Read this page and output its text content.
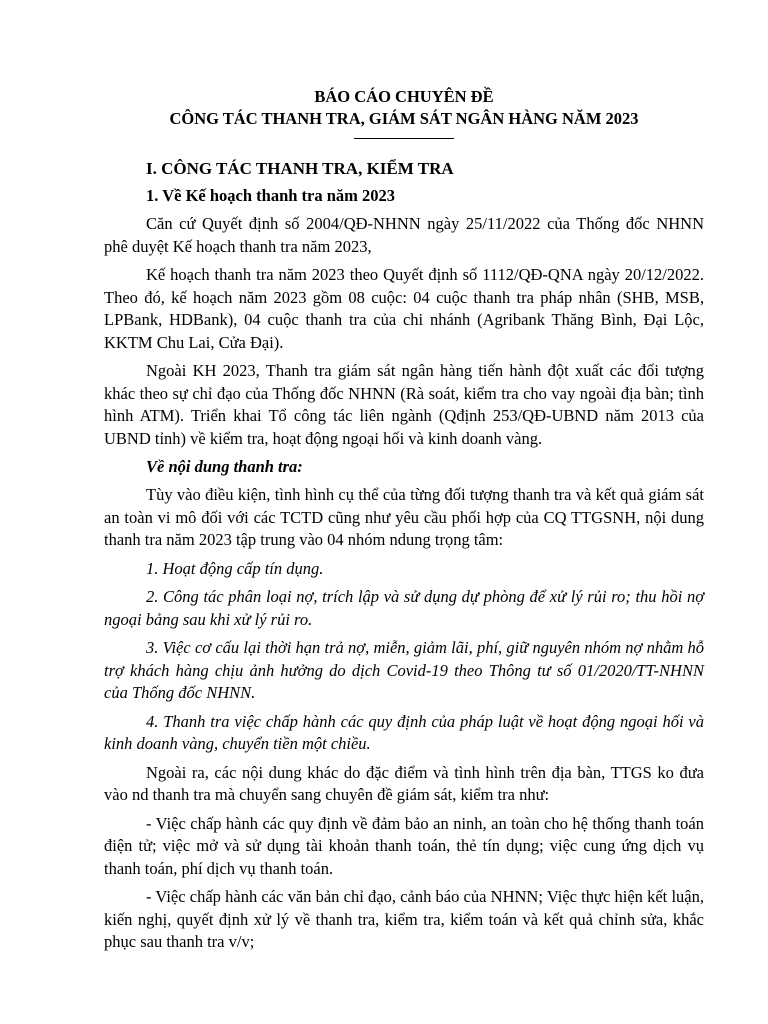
BÁO CÁO CHUYÊN ĐỀ
CÔNG TÁC THANH TRA, GIÁM SÁT NGÂN HÀNG NĂM 2023
I. CÔNG TÁC THANH TRA, KIỂM TRA
1. Về Kế hoạch thanh tra năm 2023

Căn cứ Quyết định số 2004/QĐ-NHNN ngày 25/11/2022 của Thống đốc NHNN phê duyệt Kế hoạch thanh tra năm 2023,

Kế hoạch thanh tra năm 2023 theo Quyết định số 1112/QĐ-QNA ngày 20/12/2022. Theo đó, kế hoạch năm 2023 gồm 08 cuộc: 04 cuộc thanh tra pháp nhân (SHB, MSB, LPBank, HDBank), 04 cuộc thanh tra của chi nhánh (Agribank Thăng Bình, Đại Lộc, KKTM Chu Lai, Cửa Đại).

Ngoài KH 2023, Thanh tra giám sát ngân hàng tiến hành đột xuất các đối tượng khác theo sự chỉ đạo của Thống đốc NHNN (Rà soát, kiểm tra cho vay ngoài địa bàn; tình hình ATM). Triển khai Tổ công tác liên ngành (Qđịnh 253/QĐ-UBND năm 2013 của UBND tỉnh) về kiểm tra, hoạt động ngoại hối và kinh doanh vàng.

Về nội dung thanh tra:

Tùy vào điều kiện, tình hình cụ thể của từng đối tượng thanh tra và kết quả giám sát an toàn vi mô đối với các TCTD cũng như yêu cầu phối hợp của CQ TTGSNH, nội dung thanh tra năm 2023 tập trung vào 04 nhóm ndung trọng tâm:

1. Hoạt động cấp tín dụng.

2. Công tác phân loại nợ, trích lập và sử dụng dự phòng để xử lý rủi ro; thu hồi nợ ngoại bảng sau khi xử lý rủi ro.

3. Việc cơ cấu lại thời hạn trả nợ, miễn, giảm lãi, phí, giữ nguyên nhóm nợ nhằm hỗ trợ khách hàng chịu ảnh hưởng do dịch Covid-19 theo Thông tư số 01/2020/TT-NHNN của Thống đốc NHNN.

4. Thanh tra việc chấp hành các quy định của pháp luật về hoạt động ngoại hối và kinh doanh vàng, chuyển tiền một chiều.

Ngoài ra, các nội dung khác do đặc điểm và tình hình trên địa bàn, TTGS ko đưa vào nd thanh tra mà chuyển sang chuyên đề giám sát, kiểm tra như:

- Việc chấp hành các quy định về đảm bảo an ninh, an toàn cho hệ thống thanh toán điện tử; việc mở và sử dụng tài khoản thanh toán, thẻ tín dụng; việc cung ứng dịch vụ thanh toán, phí dịch vụ thanh toán.

- Việc chấp hành các văn bản chỉ đạo, cảnh báo của NHNN; Việc thực hiện kết luận, kiến nghị, quyết định xử lý về thanh tra, kiểm tra, kiểm toán và kết quả chỉnh sửa, khắc phục sau thanh tra v/v;
